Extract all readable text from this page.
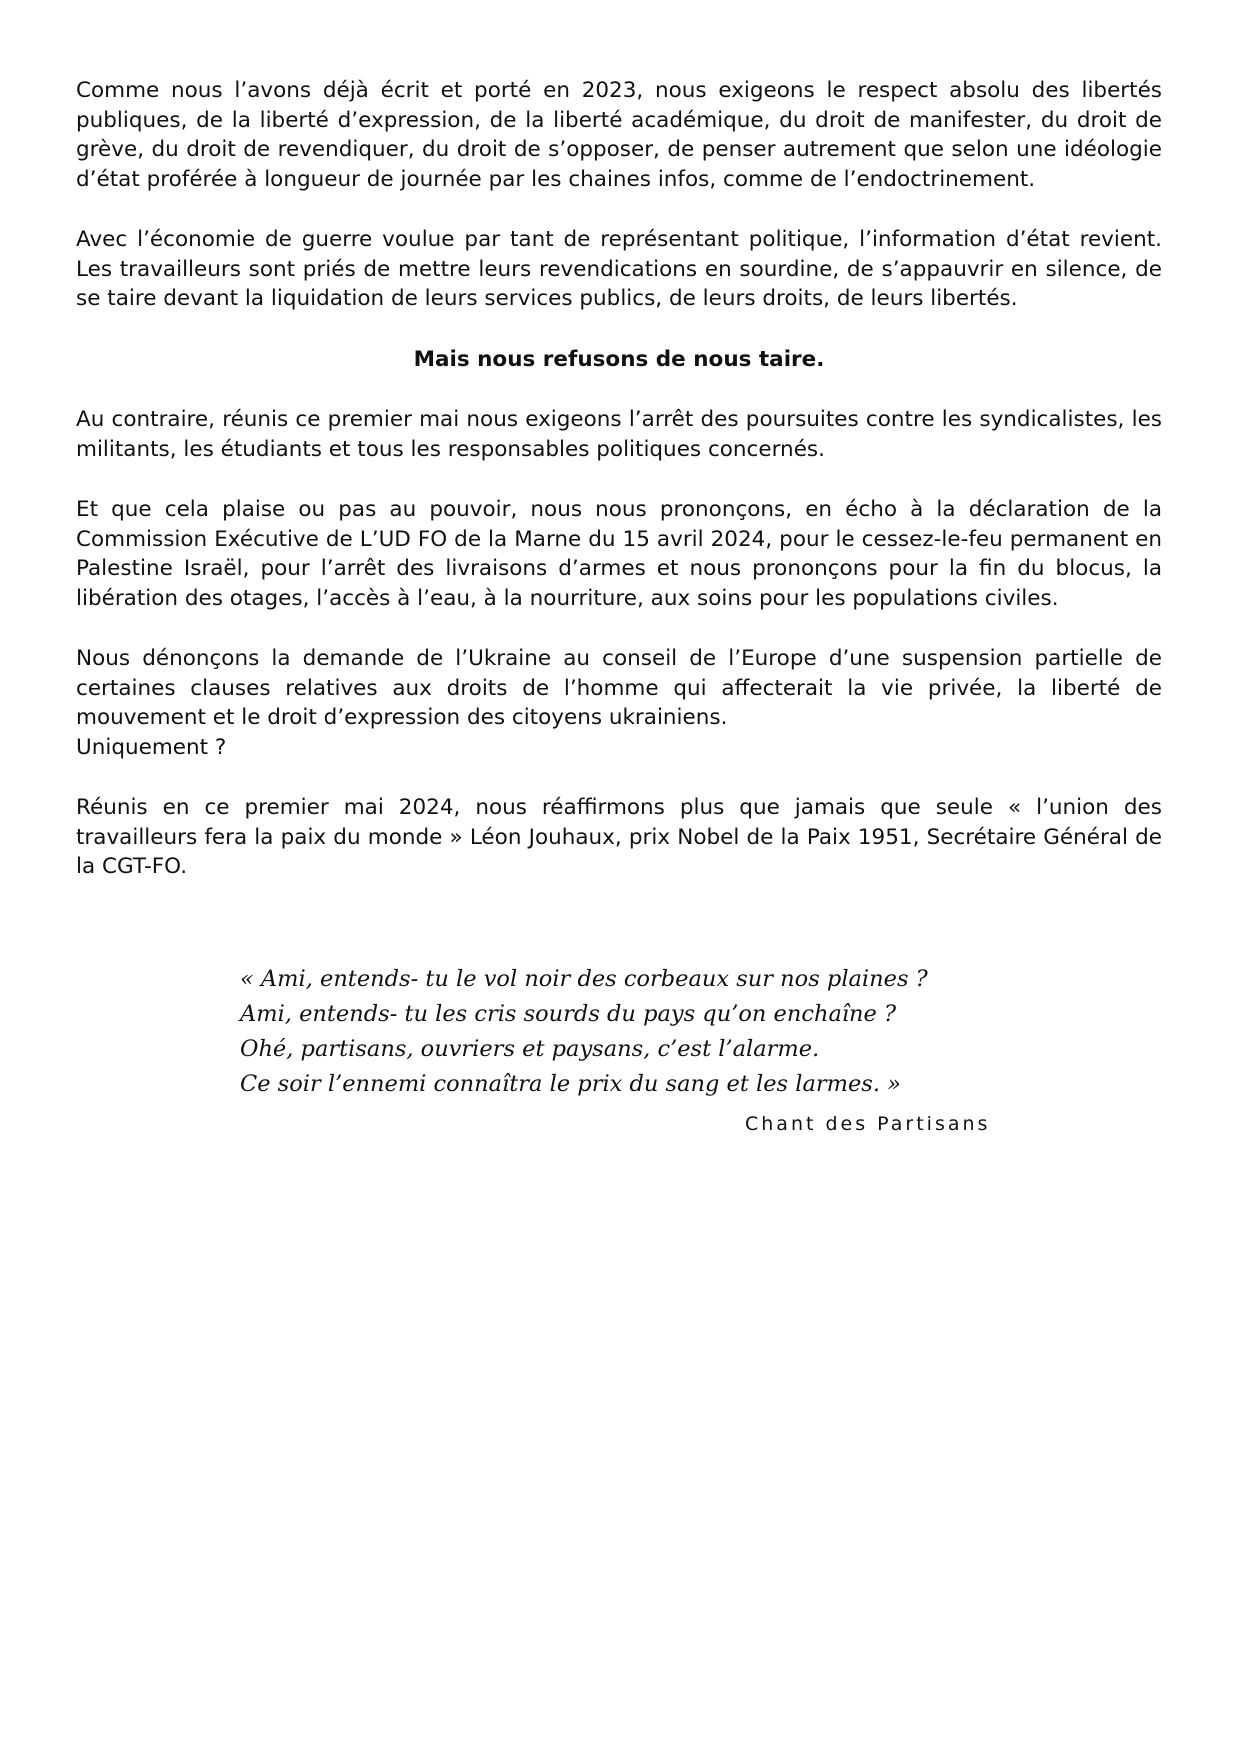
Comme nous l’avons déjà écrit et porté en 2023, nous exigeons le respect absolu des libertés publiques, de la liberté d’expression, de la liberté académique, du droit de manifester, du droit de grève, du droit de revendiquer, du droit de s’opposer, de penser autrement que selon une idéologie d’état proférée à longueur de journée par les chaines infos, comme de l’endoctrinement.

Avec l’économie de guerre voulue par tant de représentant politique, l’information d’état revient. Les travailleurs sont priés de mettre leurs revendications en sourdine, de s’appauvrir en silence, de se taire devant la liquidation de leurs services publics, de leurs droits, de leurs libertés.

Mais nous refusons de nous taire.

Au contraire, réunis ce premier mai nous exigeons l’arrêt des poursuites contre les syndicalistes, les militants, les étudiants et tous les responsables politiques concernés.

Et que cela plaise ou pas au pouvoir, nous nous prononçons, en écho à la déclaration de la Commission Exécutive de L’UD FO de la Marne du 15 avril 2024, pour le cessez-le-feu permanent en Palestine Israël, pour l’arrêt des livraisons d’armes et nous prononçons pour la fin du blocus, la libération des otages, l’accès à l’eau, à la nourriture, aux soins pour les populations civiles.

Nous dénonçons la demande de l’Ukraine au conseil de l’Europe d’une suspension partielle de certaines clauses relatives aux droits de l’homme qui affecterait la vie privée, la liberté de mouvement et le droit d’expression des citoyens ukrainiens.
Uniquement ?

Réunis en ce premier mai 2024, nous réaffirmons plus que jamais que seule « l’union des travailleurs fera la paix du monde » Léon Jouhaux, prix Nobel de la Paix 1951, Secrétaire Général de la CGT-FO.

« Ami, entends- tu le vol noir des corbeaux sur nos plaines ?
Ami, entends- tu les cris sourds du pays qu’on enchaîne ?
Ohé, partisans, ouvriers et paysans, c’est l’alarme.
Ce soir l’ennemi connaîtra le prix du sang et les larmes. »
Chant des Partisans
